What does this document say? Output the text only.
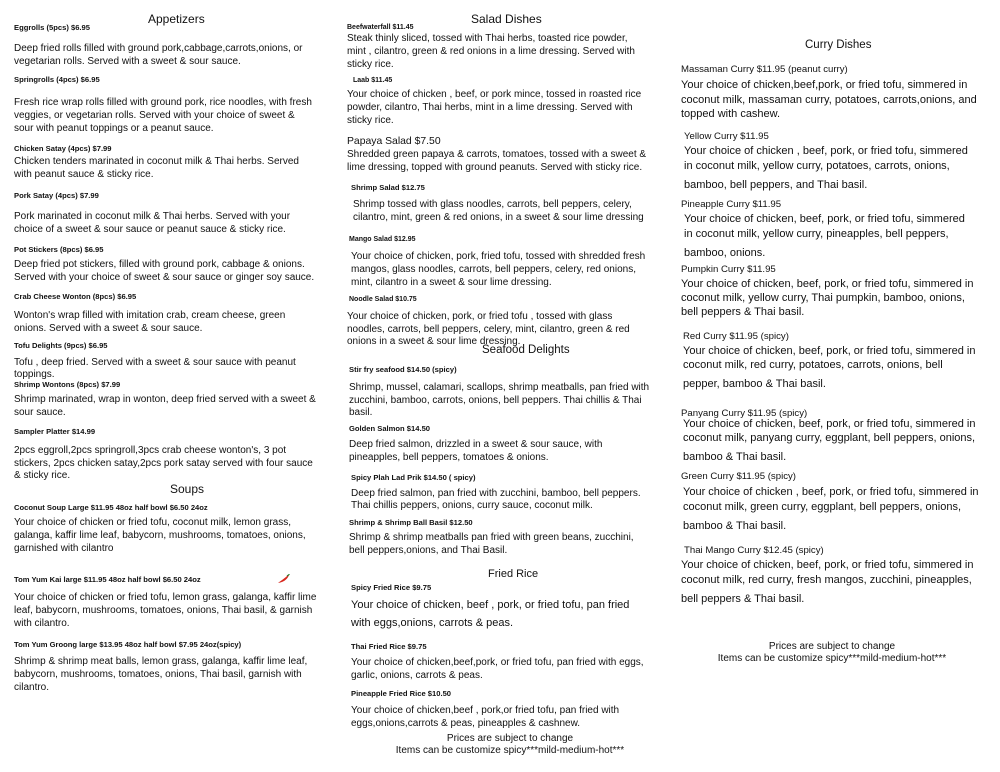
Appetizers
Eggrolls (5pcs) $6.95
Deep fried rolls filled with ground pork,cabbage,carrots,onions, or
vegetarian rolls. Served with a sweet & sour sauce.
Springrolls (4pcs) $6.95
Fresh rice wrap rolls filled with ground pork, rice noodles, with fresh
veggies, or vegetarian rolls. Served with your choice of sweet &
sour with peanut toppings or a peanut sauce.
Chicken Satay (4pcs) $7.99
Chicken tenders marinated in coconut milk & Thai herbs. Served
with peanut sauce & sticky rice.
Pork Satay (4pcs) $7.99
Pork marinated in coconut milk & Thai herbs. Served with your
choice of a sweet & sour sauce or peanut sauce & sticky rice.
Pot Stickers (8pcs) $6.95
Deep fried pot stickers, filled with ground pork, cabbage & onions.
Served with your choice of sweet & sour sauce or ginger soy sauce.
Crab Cheese Wonton (8pcs) $6.95
Wonton's wrap filled with imitation crab, cream cheese, green
onions. Served with a sweet & sour sauce.
Tofu Delights (9pcs) $6.95
Tofu , deep fried. Served with a sweet & sour sauce with peanut
toppings.
Shrimp Wontons (8pcs) $7.99
Shrimp marinated, wrap in wonton, deep fried served with a sweet &
sour sauce.
Sampler Platter $14.99
2pcs eggroll,2pcs springroll,3pcs crab cheese wonton's, 3 pot
stickers, 2pcs chicken satay,2pcs pork satay served with four sauce
& sticky rice.
Soups
Coconut Soup Large $11.95 48oz half bowl $6.50 24oz
Your choice of chicken or fried tofu, coconut milk, lemon grass,
galanga, kaffir lime leaf, babycorn, mushrooms, tomatoes, onions,
garnished with cilantro
Tom Yum Kai large $11.95 48oz half bowl $6.50 24oz
Your choice of chicken or fried tofu, lemon grass, galanga, kaffir lime
leaf, babycorn, mushrooms, tomatoes, onions, Thai basil, & garnish
with cilantro.
Tom Yum Groong large $13.95 48oz half bowl $7.95 24oz(spicy)
Shrimp & shrimp meat balls, lemon grass, galanga, kaffir lime leaf,
babycorn, mushrooms, tomatoes, onions, Thai basil, garnish with
cilantro.
Salad Dishes
Beefwaterfall $11.45
Steak thinly sliced, tossed with Thai herbs, toasted rice powder,
mint , cilantro, green & red onions in a lime dressing. Served with
sticky rice.
Laab $11.45
Your choice of chicken , beef, or pork mince, tossed in roasted rice
powder, cilantro, Thai herbs, mint in a lime dressing. Served with
sticky rice.
Papaya Salad $7.50
Shredded green papaya & carrots, tomatoes, tossed with a sweet &
lime dressing, topped with ground peanuts. Served with sticky rice.
Shrimp Salad $12.75
Shrimp tossed with glass noodles, carrots, bell peppers, celery,
cilantro, mint, green & red onions, in a sweet & sour lime dressing
Mango Salad $12.95
Your choice of chicken, pork, fried tofu, tossed with shredded fresh
mangos, glass noodles, carrots, bell peppers, celery, red onions,
mint, cilantro in a sweet & sour lime dressing.
Noodle Salad $10.75
Your choice of chicken, pork, or fried tofu , tossed with glass
noodles, carrots, bell peppers, celery, mint, cilantro, green & red
onions in a sweet & sour lime dressing.
Seafood Delights
Stir fry seafood $14.50 (spicy)
Shrimp, mussel, calamari, scallops, shrimp meatballs, pan fried with
zucchini, bamboo, carrots, onions, bell peppers. Thai chillis & Thai
basil.
Golden Salmon $14.50
Deep fried salmon, drizzled in a sweet & sour sauce, with
pineapples, bell peppers, tomatoes & onions.
Spicy Plah Lad Prik $14.50 ( spicy)
Deep fried salmon, pan fried with zucchini, bamboo, bell peppers.
Thai chillis peppers, onions, curry sauce, coconut milk.
Shrimp & Shrimp Ball Basil $12.50
Shrimp & shrimp meatballs pan fried with green beans, zucchini,
bell peppers,onions, and Thai Basil.
Fried Rice
Spicy Fried Rice $9.75
Your choice of chicken, beef , pork, or fried tofu, pan fried
with eggs,onions, carrots & peas.
Thai Fried Rice $9.75
Your choice of chicken,beef,pork, or fried tofu, pan fried with eggs,
garlic, onions, carrots & peas.
Pineapple Fried Rice $10.50
Your choice of chicken,beef , pork,or fried tofu, pan fried with
eggs,onions,carrots & peas, pineapples & cashnew.
Prices are subject to change
Items can be customize spicy***mild-medium-hot***
Curry Dishes
Massaman Curry $11.95 (peanut curry)
Your choice of chicken,beef,pork, or fried tofu, simmered in
coconut milk, massaman curry, potatoes, carrots,onions, and
topped with cashew.
Yellow Curry $11.95
Your choice of chicken , beef, pork, or fried tofu, simmered
in coconut milk, yellow curry, potatoes, carrots, onions,
bamboo, bell peppers, and Thai basil.
Pineapple Curry $11.95
Your choice of chicken, beef, pork, or fried tofu, simmered
in coconut milk, yellow curry, pineapples, bell peppers,
bamboo, onions.
Pumpkin Curry $11.95
Your choice of chicken, beef, pork, or fried tofu, simmered in
coconut milk, yellow curry, Thai pumpkin, bamboo, onions,
bell peppers & Thai basil.
Red Curry $11.95 (spicy)
Your choice of chicken, beef, pork, or fried tofu, simmered in
coconut milk, red curry, potatoes, carrots, onions, bell
pepper, bamboo & Thai basil.
Panyang Curry $11.95 (spicy)
Your choice of chicken, beef, pork, or fried tofu, simmered in
coconut milk, panyang curry, eggplant, bell peppers, onions,
bamboo & Thai basil.
Green Curry $11.95 (spicy)
Your choice of chicken , beef, pork, or fried tofu, simmered in
coconut milk, green curry, eggplant, bell peppers, onions,
bamboo & Thai basil.
Thai Mango Curry $12.45 (spicy)
Your choice of chicken, beef, pork, or fried tofu, simmered in
coconut milk, red curry, fresh mangos, zucchini, pineapples,
bell peppers & Thai basil.
Prices are subject to change
Items can be customize spicy***mild-medium-hot***
